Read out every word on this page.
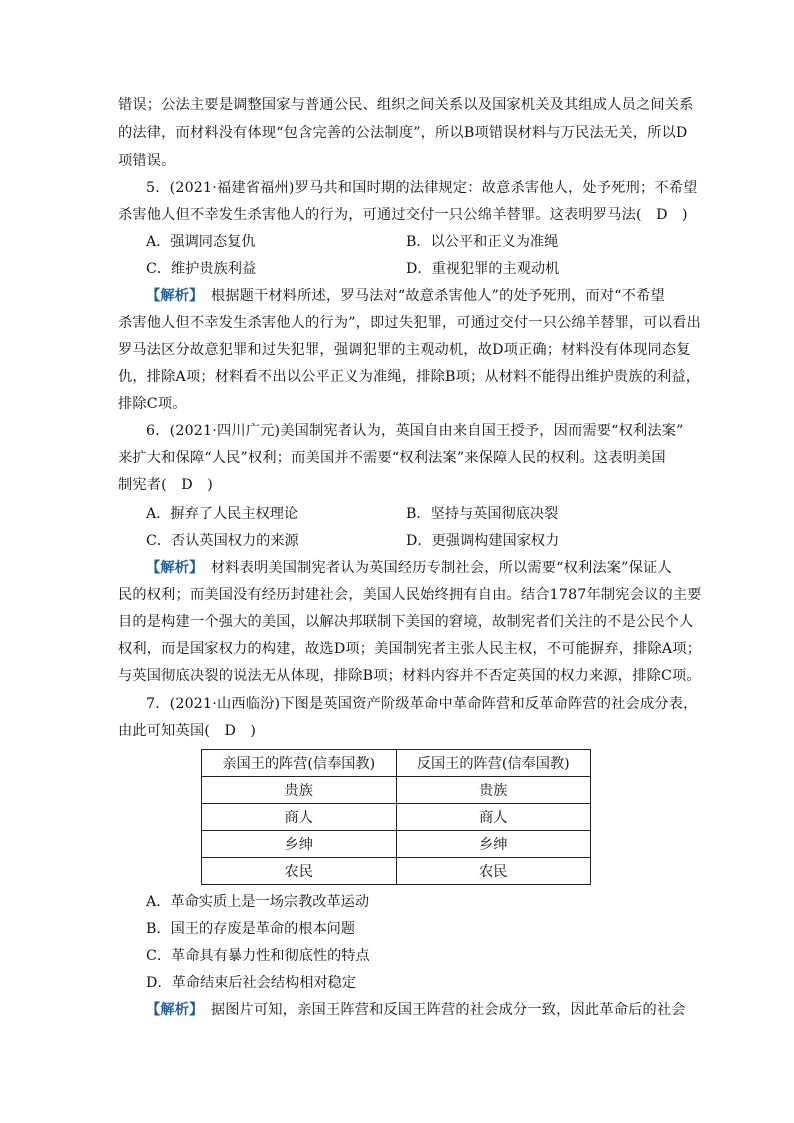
错误；公法主要是调整国家与普通公民、组织之间关系以及国家机关及其组成人员之间关系
的法律，而材料没有体现“包含完善的公法制度”，所以B项错误材料与万民法无关，所以D
项错误。
5．(2021·福建省福州)罗马共和国时期的法律规定：故意杀害他人，处予死刑；不希望
杀害他人但不幸发生杀害他人的行为，可通过交付一只公绵羊替罪。这表明罗马法(　D　)
A．强调同态复仇	B．以公平和正义为准绳
C．维护贵族利益	D．重视犯罪的主观动机
【解析】　根据题干材料所述，罗马法对“故意杀害他人”的处予死刑，而对“不希望
杀害他人但不幸发生杀害他人的行为”，即过失犯罪，可通过交付一只公绵羊替罪，可以看出
罗马法区分故意犯罪和过失犯罪，强调犯罪的主观动机，故D项正确；材料没有体现同态复
仇，排除A项；材料看不出以公平正义为准绳，排除B项；从材料不能得出维护贵族的利益，
排除C项。
6．(2021·四川广元)美国制宪者认为，英国自由来自国王授予，因而需要“权利法案”
来扩大和保障“人民”权利；而美国并不需要“权利法案”来保障人民的权利。这表明美国
制宪者(　D　)
A．摒弃了人民主权理论	B．坚持与英国彻底决裂
C．否认英国权力的来源	D．更强调构建国家权力
【解析】　材料表明美国制宪者认为英国经历专制社会，所以需要“权利法案”保证人
民的权利；而美国没有经历封建社会，美国人民始终拥有自由。结合1787年制宪会议的主要
目的是构建一个强大的美国，以解决邦联制下美国的窘境，故制宪者们关注的不是公民个人
权利，而是国家权力的构建，故选D项；美国制宪者主张人民主权，不可能摒弃，排除A项；
与英国彻底决裂的说法无从体现，排除B项；材料内容并不否定英国的权力来源，排除C项。
7．(2021·山西临汾)下图是英国资产阶级革命中革命阵营和反革命阵营的社会成分表，
由此可知英国(　D　)
亲国王的阵营(信奉国教)	反国王的阵营(信奉国教)
贵族	贵族
商人	商人
乡绅	乡绅
农民	农民
A．革命实质上是一场宗教改革运动
B．国王的存废是革命的根本问题
C．革命具有暴力性和彻底性的特点
D．革命结束后社会结构相对稳定
【解析】　据图片可知，亲国王阵营和反国王阵营的社会成分一致，因此革命后的社会
